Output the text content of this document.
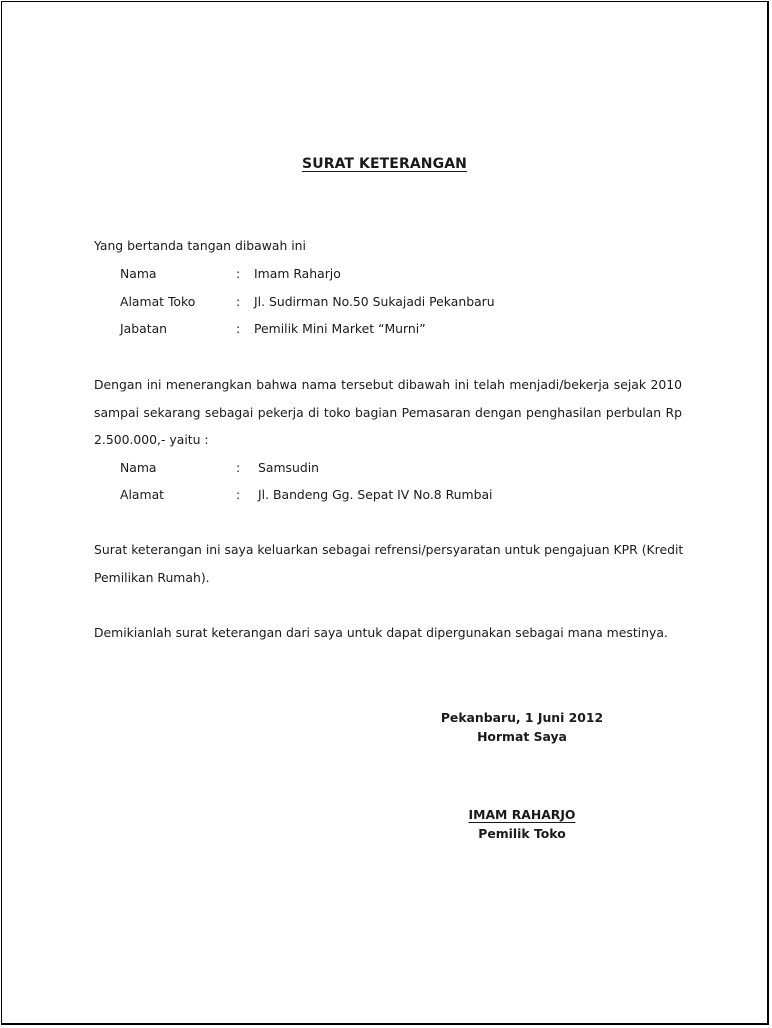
SURAT KETERANGAN
Yang bertanda tangan dibawah ini
Nama	: Imam Raharjo
Alamat Toko	: Jl. Sudirman No.50 Sukajadi Pekanbaru
Jabatan	: Pemilik Mini Market “Murni”
Dengan ini menerangkan bahwa nama tersebut dibawah ini telah menjadi/bekerja sejak 2010
sampai sekarang sebagai pekerja di toko bagian Pemasaran dengan penghasilan perbulan Rp
2.500.000,- yaitu :
Nama	: Samsudin
Alamat	: Jl. Bandeng Gg. Sepat IV No.8 Rumbai
Surat keterangan ini saya keluarkan sebagai refrensi/persyaratan untuk pengajuan KPR (Kredit
Pemilikan Rumah).
Demikianlah surat keterangan dari saya untuk dapat dipergunakan sebagai mana mestinya.
Pekanbaru, 1 Juni 2012
Hormat Saya
IMAM RAHARJO
Pemilik Toko
